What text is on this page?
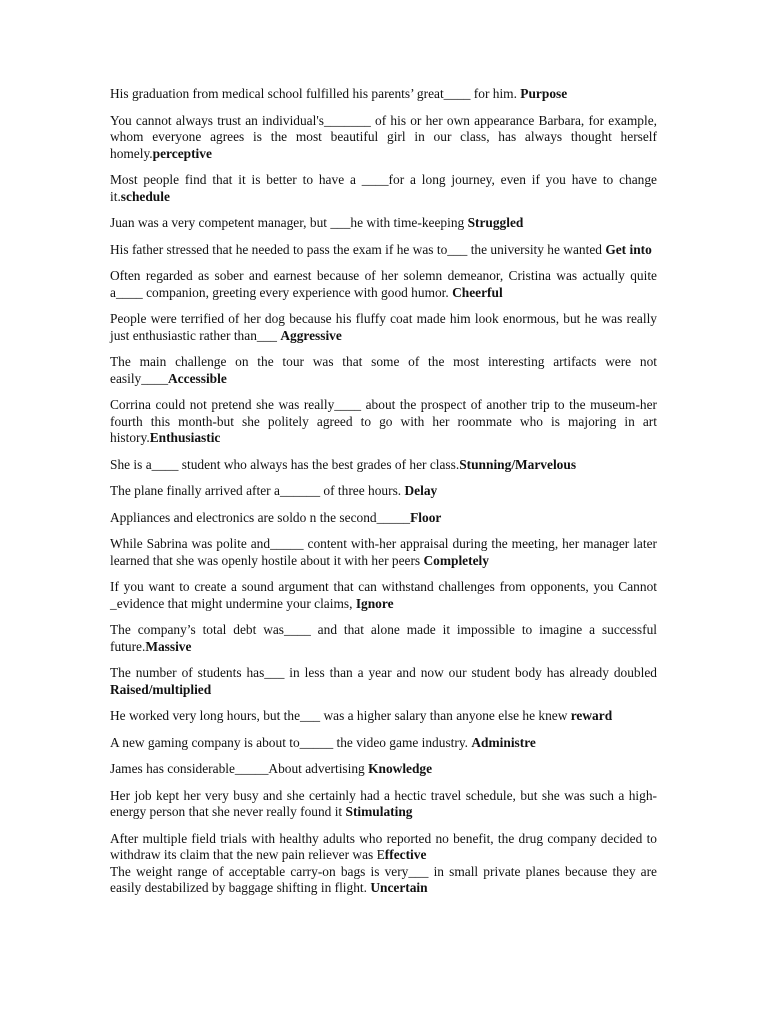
His graduation from medical school fulfilled his parents’ great____ for him. Purpose

You cannot always trust an individual's_______ of his or her own appearance Barbara, for example, whom everyone agrees is the most beautiful girl in our class, has always thought herself homely.perceptive

Most people find that it is better to have a ____for a long journey, even if you have to change it.schedule

Juan was a very competent manager, but ___he with time-keeping Struggled

His father stressed that he needed to pass the exam if he was to___ the university he wanted Get into

Often regarded as sober and earnest because of her solemn demeanor, Cristina was actually quite a____ companion, greeting every experience with good humor. Cheerful

People were terrified of her dog because his fluffy coat made him look enormous, but he was really just enthusiastic rather than___ Aggressive

The main challenge on the tour was that some of the most interesting artifacts were not easily____Accessible

Corrina could not pretend she was really____ about the prospect of another trip to the museum-her fourth this month-but she politely agreed to go with her roommate who is majoring in art history.Enthusiastic

She is a____ student who always has the best grades of her class.Stunning/Marvelous

The plane finally arrived after a______ of three hours. Delay

Appliances and electronics are soldo n the second_____Floor

While Sabrina was polite and_____ content with-her appraisal during the meeting, her manager later learned that she was openly hostile about it with her peers Completely

If you want to create a sound argument that can withstand challenges from opponents, you Cannot _evidence that might undermine your claims, Ignore

The company’s total debt was____ and that alone made it impossible to imagine a successful future.Massive

The number of students has___ in less than a year and now our student body has already doubled Raised/multiplied

He worked very long hours, but the___ was a higher salary than anyone else he knew reward

A new gaming company is about to_____ the video game industry. Administre

James has considerable_____About advertising Knowledge

Her job kept her very busy and she certainly had a hectic travel schedule, but she was such a high-energy person that she never really found it Stimulating

After multiple field trials with healthy adults who reported no benefit, the drug company decided to withdraw its claim that the new pain reliever was Effective

The weight range of acceptable carry-on bags is very___ in small private planes because they are easily destabilized by baggage shifting in flight. Uncertain
